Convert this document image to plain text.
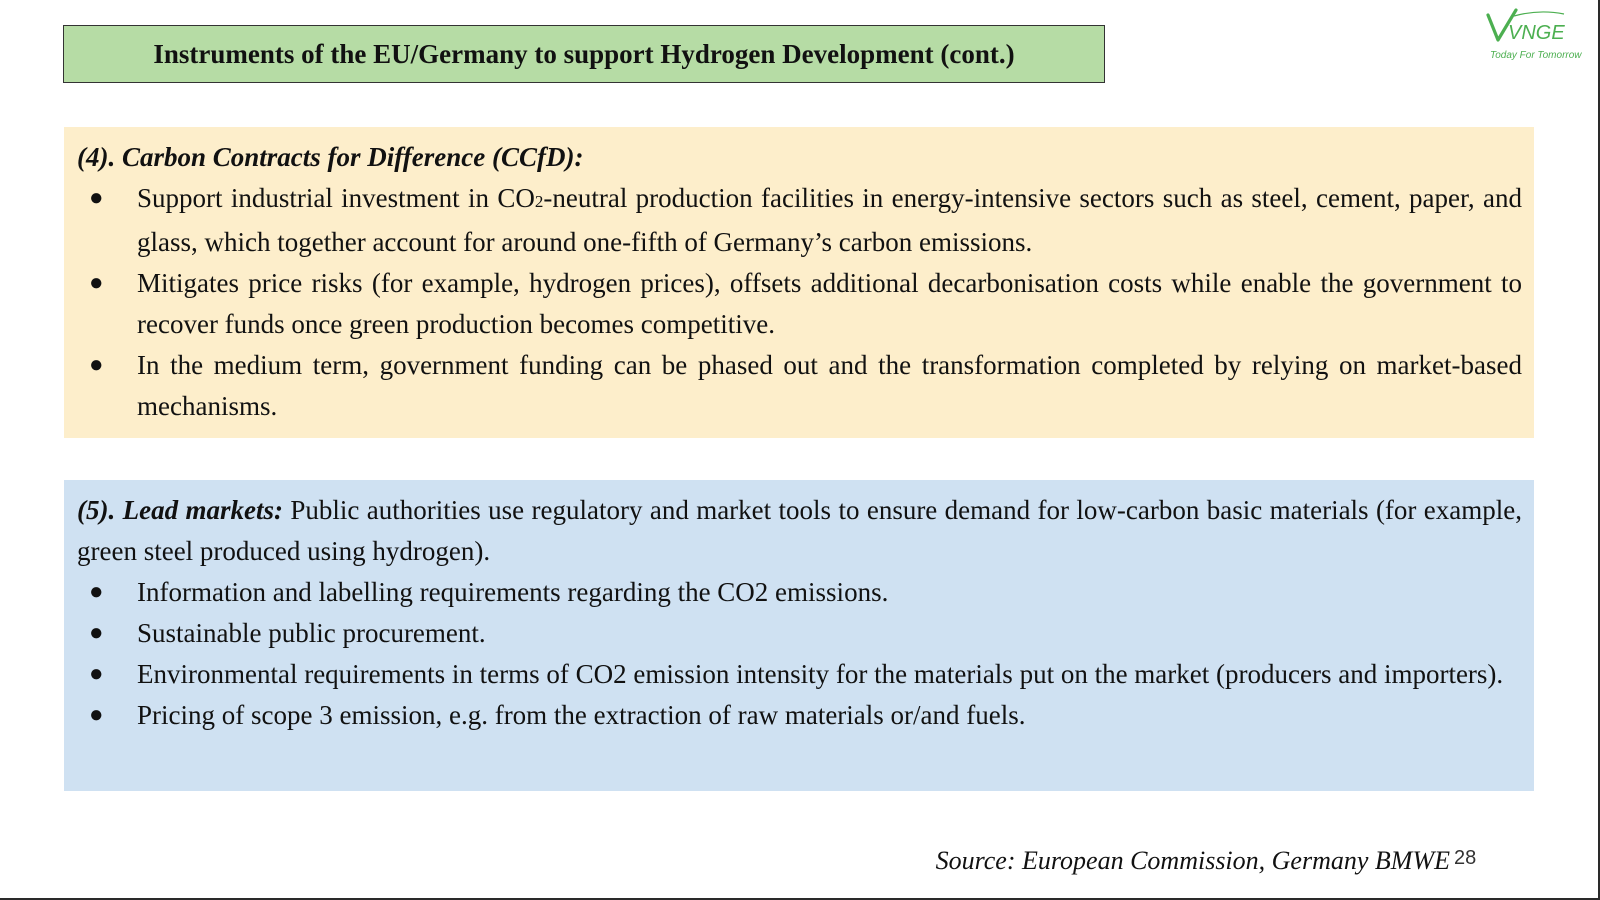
Instruments of the EU/Germany to support Hydrogen Development (cont.)
VNGE
Today For Tomorrow
(4). Carbon Contracts for Difference (CCfD):
●	Support industrial investment in CO2-neutral production facilities in energy-intensive sectors such as steel, cement, paper, and glass, which together account for around one-fifth of Germany’s carbon emissions.
●	Mitigates price risks (for example, hydrogen prices), offsets additional decarbonisation costs while enable the government to recover funds once green production becomes competitive.
●	In the medium term, government funding can be phased out and the transformation completed by relying on market-based mechanisms.

(5). Lead markets: Public authorities use regulatory and market tools to ensure demand for low-carbon basic materials (for example, green steel produced using hydrogen).

●	Information and labelling requirements regarding the CO2 emissions.
●	Sustainable public procurement.
●	Environmental requirements in terms of CO2 emission intensity for the materials put on the market (producers and importers).
●	Pricing of scope 3 emission, e.g. from the extraction of raw materials or/and fuels.
Source: European Commission, Germany BMWE 28
